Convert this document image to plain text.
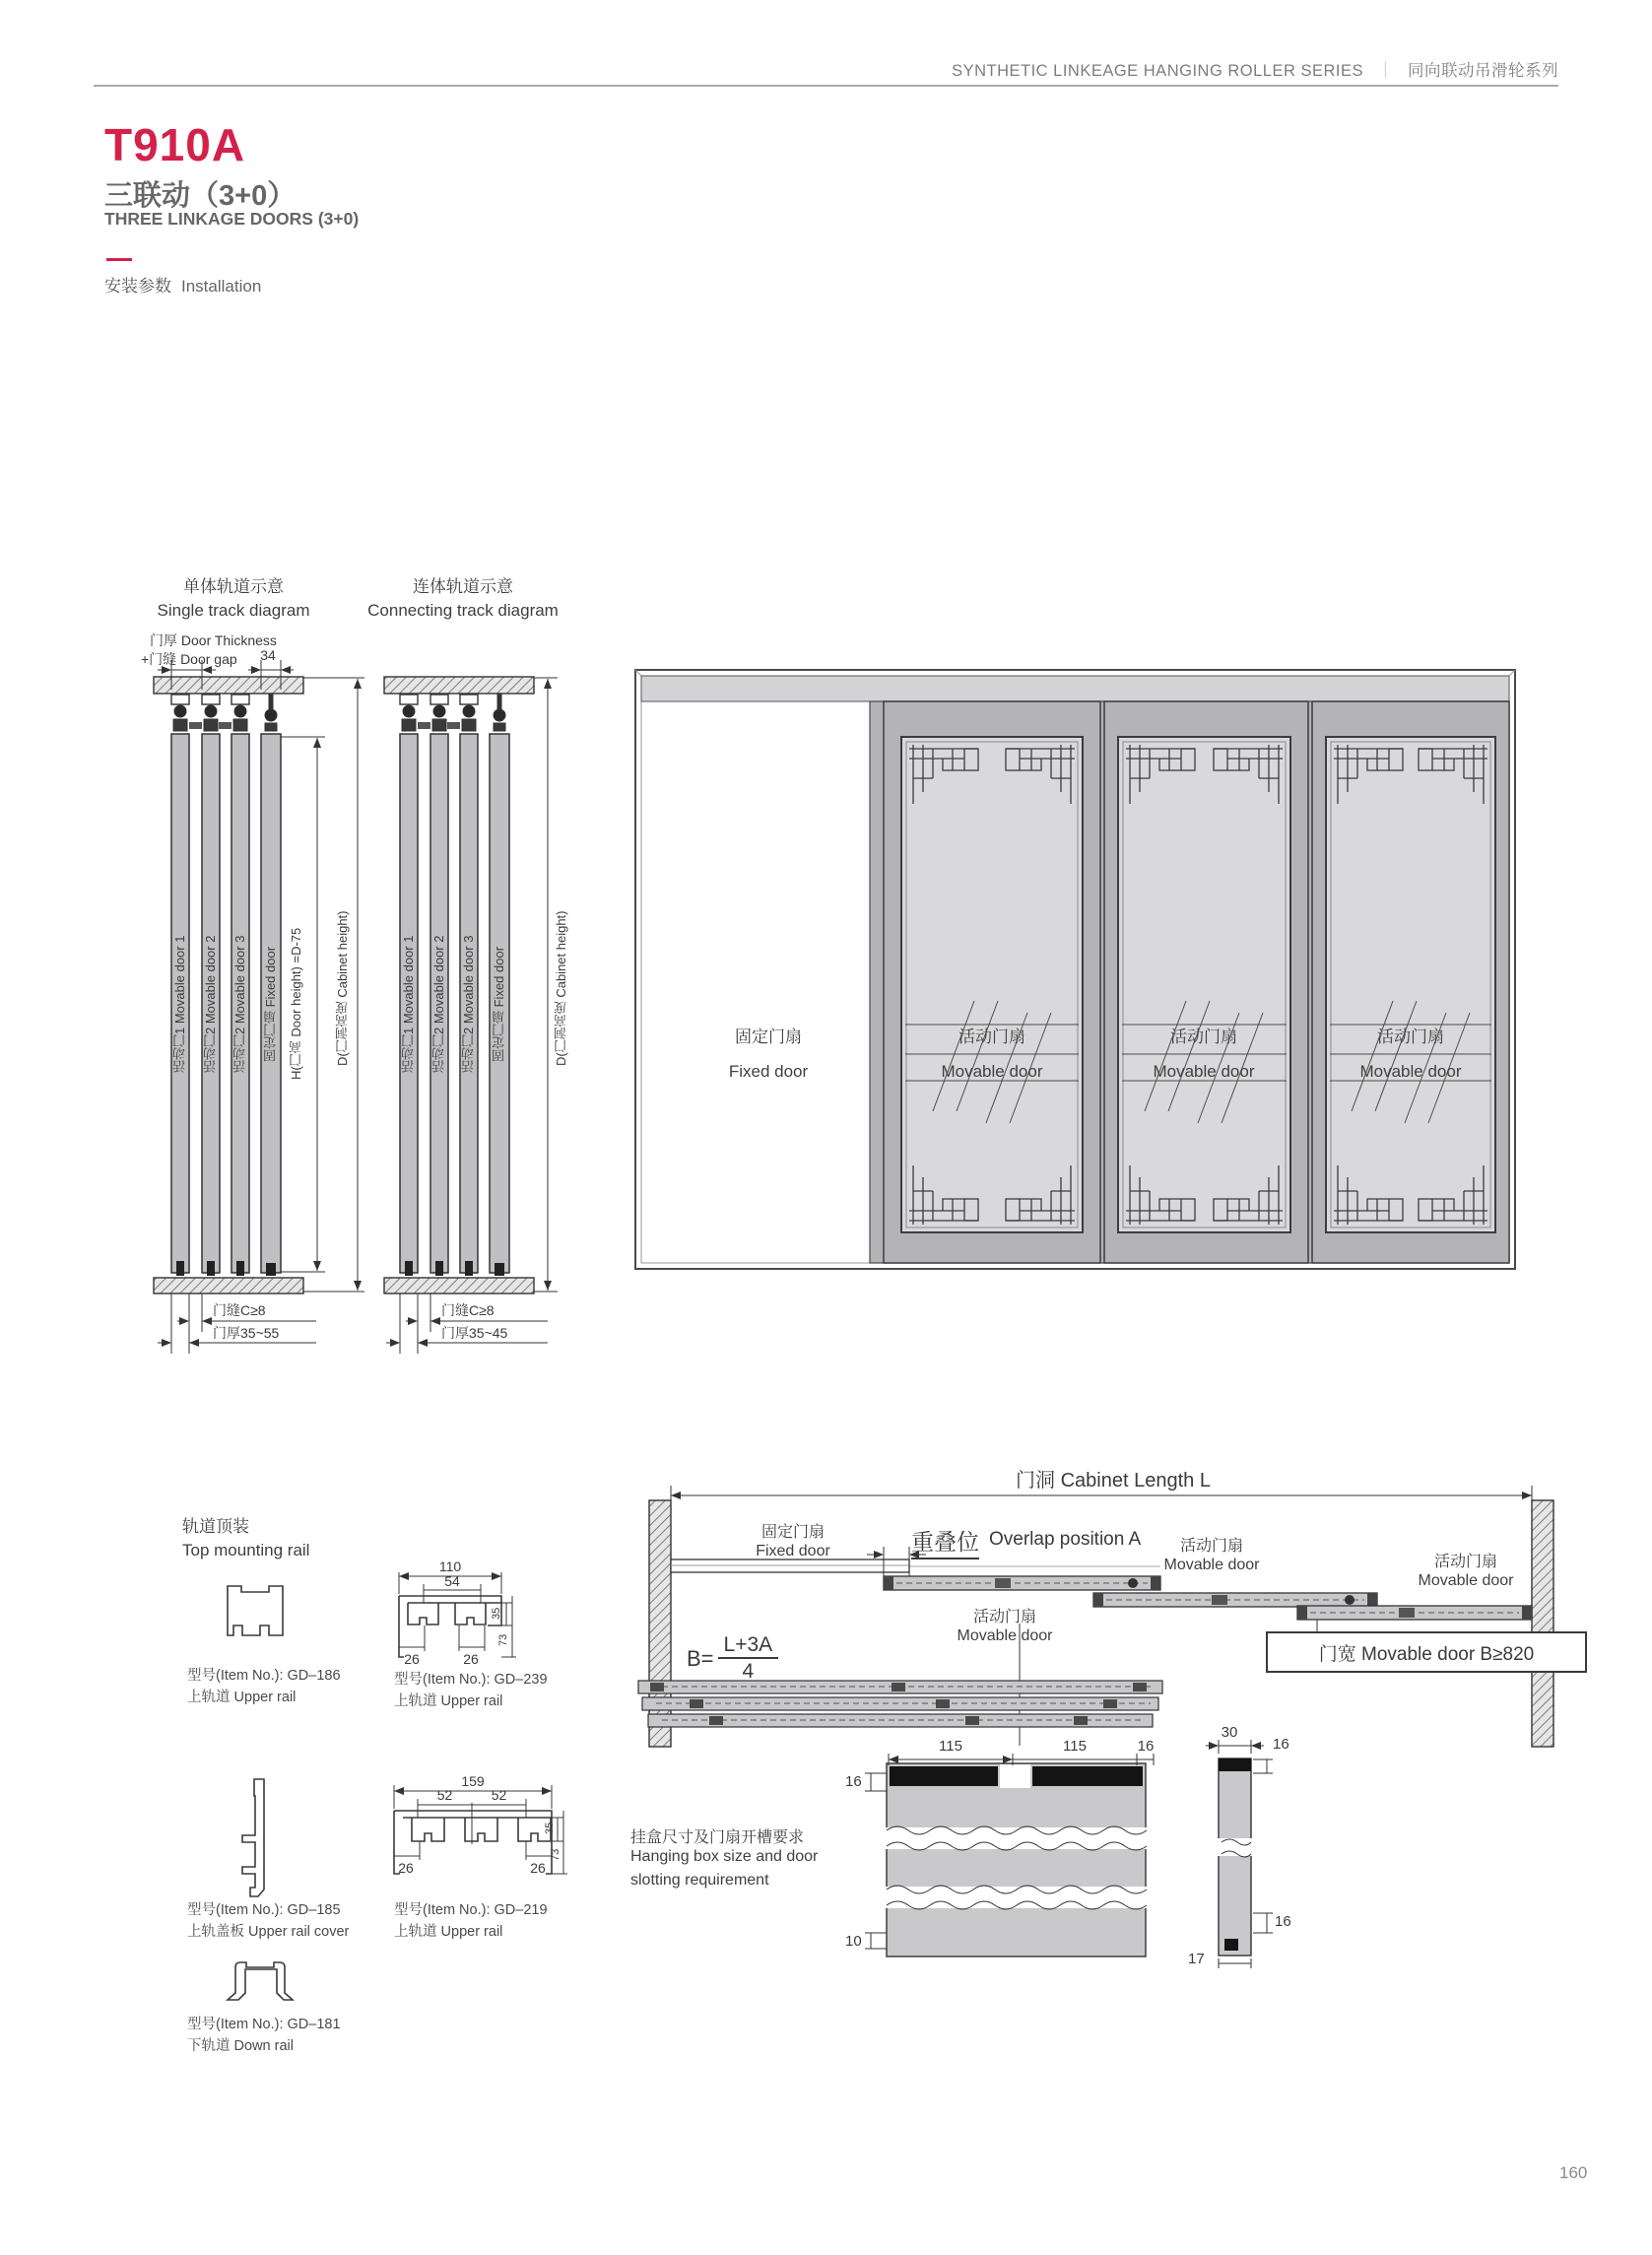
SYNTHETIC LINKEAGE HANGING ROLLER SERIES ｜ 同向联动吊滑轮系列
T910A
三联动（3+0）
THREE LINKAGE DOORS (3+0)
安装参数 Installation
单体轨道示意
Single track diagram
连体轨道示意
Connecting track diagram
门厚 Door Thickness
+门缝 Door gap	34
活动门1 Movable door 1 活动门2 Movable door 2 活动门2 Movable door 3 固定门扇 Fixed door H(门高 Door height) =D-75 D(门洞高度 Cabinet height)
门缝C≥8
门厚35~55
活动门1 Movable door 1 活动门2 Movable door 2 活动门2 Movable door 3 固定门扇 Fixed door	D(门洞高度 Cabinet height)
门缝C≥8
门厚35~45
固定门扇
Fixed door
活动门扇
Movable door
活动门扇
Movable door
活动门扇
Movable door
轨道顶装
Top mounting rail
型号(Item No.): GD–186
上轨道 Upper rail
型号(Item No.): GD–239
上轨道 Upper rail
型号(Item No.): GD–185
上轨盖板 Upper rail cover
型号(Item No.): GD–219
上轨道 Upper rail
型号(Item No.): GD–181
下轨道 Down rail
110
54
26	26
35
73
159
52	52
26	26
35
73
门洞 Cabinet Length L
固定门扇
Fixed door	重叠位 Overlap position A	活动门扇
Movable door	活动门扇
Movable door
活动门扇
Movable door
$B= \frac{L+3A}{4}$	门宽 Movable door B≥820
挂盒尺寸及门扇开槽要求
Hanging box size and door
slotting requirement
115	115	16
16
10
30
16
16
17
160
